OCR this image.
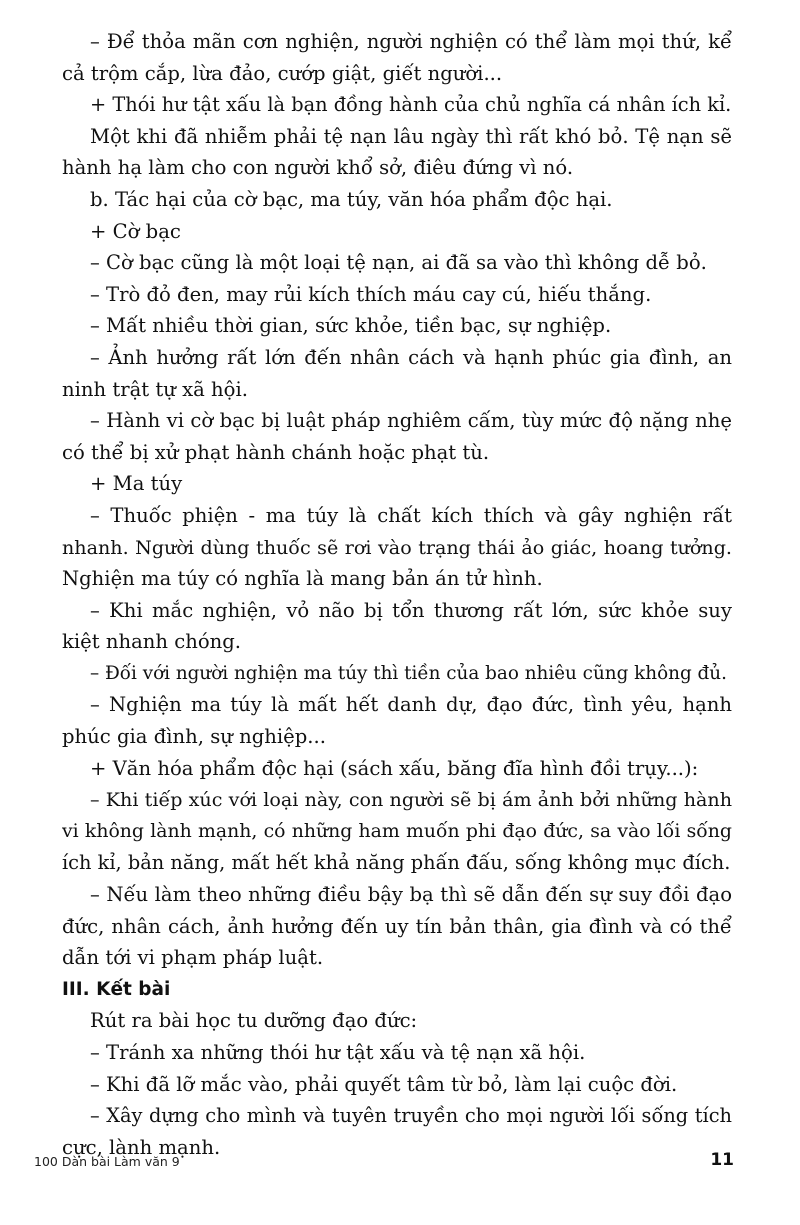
– Để thỏa mãn cơn nghiện, người nghiện có thể làm mọi thứ, kể
cả trộm cắp, lừa đảo, cướp giật, giết người...
+ Thói hư tật xấu là bạn đồng hành của chủ nghĩa cá nhân ích kỉ.
Một khi đã nhiễm phải tệ nạn lâu ngày thì rất khó bỏ. Tệ nạn sẽ
hành hạ làm cho con người khổ sở, điêu đứng vì nó.
b. Tác hại của cờ bạc, ma túy, văn hóa phẩm độc hại.
+ Cờ bạc
– Cờ bạc cũng là một loại tệ nạn, ai đã sa vào thì không dễ bỏ.
– Trò đỏ đen, may rủi kích thích máu cay cú, hiếu thắng.
– Mất nhiều thời gian, sức khỏe, tiền bạc, sự nghiệp.
– Ảnh hưởng rất lớn đến nhân cách và hạnh phúc gia đình, an
ninh trật tự xã hội.
– Hành vi cờ bạc bị luật pháp nghiêm cấm, tùy mức độ nặng nhẹ
có thể bị xử phạt hành chánh hoặc phạt tù.
+ Ma túy
– Thuốc phiện - ma túy là chất kích thích và gây nghiện rất
nhanh. Người dùng thuốc sẽ rơi vào trạng thái ảo giác, hoang tưởng.
Nghiện ma túy có nghĩa là mang bản án tử hình.
– Khi mắc nghiện, vỏ não bị tổn thương rất lớn, sức khỏe suy
kiệt nhanh chóng.
– Đối với người nghiện ma túy thì tiền của bao nhiêu cũng không đủ.
– Nghiện ma túy là mất hết danh dự, đạo đức, tình yêu, hạnh
phúc gia đình, sự nghiệp...
+ Văn hóa phẩm độc hại (sách xấu, băng đĩa hình đồi trụy...):
– Khi tiếp xúc với loại này, con người sẽ bị ám ảnh bởi những hành
vi không lành mạnh, có những ham muốn phi đạo đức, sa vào lối sống
ích kỉ, bản năng, mất hết khả năng phấn đấu, sống không mục đích.
– Nếu làm theo những điều bậy bạ thì sẽ dẫn đến sự suy đồi đạo
đức, nhân cách, ảnh hưởng đến uy tín bản thân, gia đình và có thể
dẫn tới vi phạm pháp luật.
III. Kết bài
Rút ra bài học tu dưỡng đạo đức:
– Tránh xa những thói hư tật xấu và tệ nạn xã hội.
– Khi đã lỡ mắc vào, phải quyết tâm từ bỏ, làm lại cuộc đời.
– Xây dựng cho mình và tuyên truyền cho mọi người lối sống tích
cực, lành mạnh.
100 Dàn bài Làm văn 9	11
